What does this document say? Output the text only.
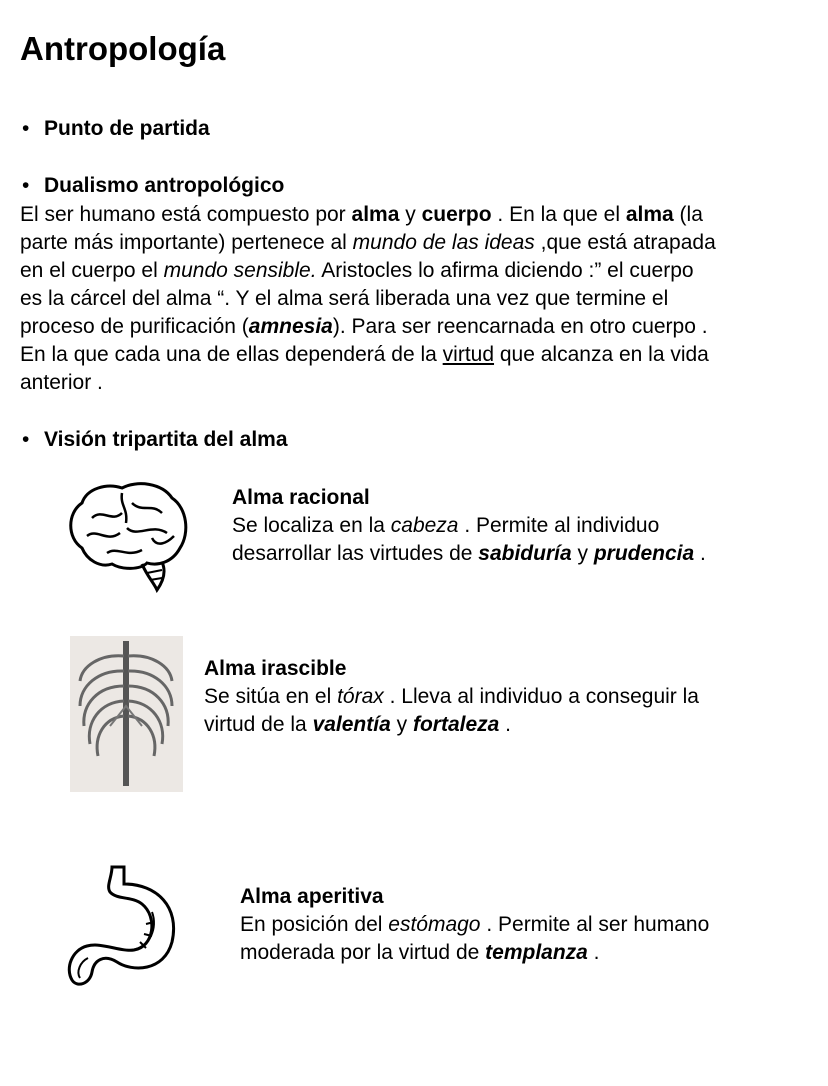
Antropología
• Punto de partida
• Dualismo antropológico
El ser humano está compuesto por alma y cuerpo . En la que el alma (la
parte más importante) pertenece al mundo de las ideas ,que está atrapada
en el cuerpo el mundo sensible. Aristocles lo afirma diciendo :” el cuerpo
es la cárcel del alma “. Y el alma será liberada una vez que termine el
proceso de purificación (amnesia). Para ser reencarnada en otro cuerpo .
En la que cada una de ellas dependerá de la virtud que alcanza en la vida
anterior .
• Visión tripartita del alma
Alma racional
Se localiza en la cabeza . Permite al individuo
desarrollar las virtudes de sabiduría y prudencia .
Alma irascible
Se sitúa en el tórax . Lleva al individuo a conseguir la
virtud de la valentía y fortaleza .
Alma aperitiva
En posición del estómago . Permite al ser humano
moderada por la virtud de templanza .
